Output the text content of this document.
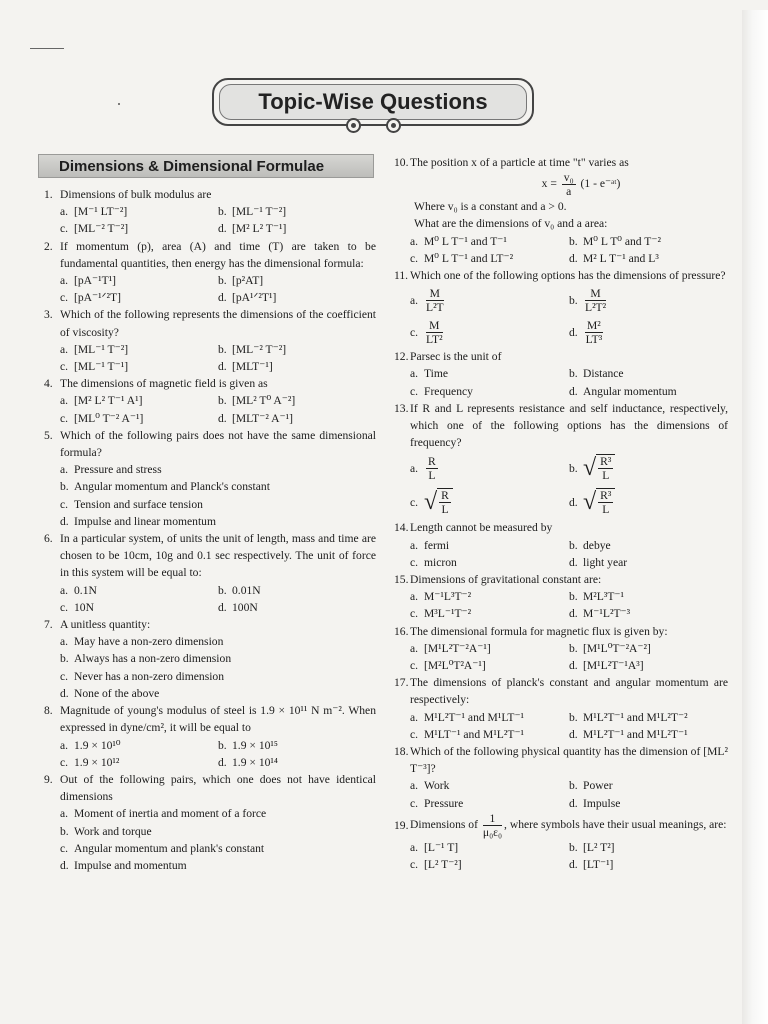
Topic-Wise Questions
Dimensions & Dimensional Formulae
1. Dimensions of bulk modulus are
a. [M⁻¹ LT⁻²]	b. [ML⁻¹ T⁻²]
c. [ML⁻² T⁻²]	d. [M² L² T⁻¹]
2. If momentum (p), area (A) and time (T) are taken to be fundamental quantities, then energy has the dimensional formula:
a. [pA⁻¹T¹]	b. [p²AT]
c. [pA⁻¹ᐟ²T]	d. [pA¹ᐟ²T¹]
3. Which of the following represents the dimensions of the coefficient of viscosity?
a. [ML⁻¹ T⁻²]	b. [ML⁻² T⁻²]
c. [ML⁻¹ T⁻¹]	d. [MLT⁻¹]
4. The dimensions of magnetic field is given as
a. [M² L² T⁻¹ A¹]	b. [ML² T⁰ A⁻²]
c. [ML⁰ T⁻² A⁻¹]	d. [MLT⁻² A⁻¹]
5. Which of the following pairs does not have the same dimensional formula?
a. Pressure and stress
b. Angular momentum and Planck's constant
c. Tension and surface tension
d. Impulse and linear momentum
6. In a particular system, of units the unit of length, mass and time are chosen to be 10cm, 10g and 0.1 sec respectively. The unit of force in this system will be equal to:
a. 0.1N	b. 0.01N
c. 10N	d. 100N
7. A unitless quantity:
a. May have a non-zero dimension
b. Always has a non-zero dimension
c. Never has a non-zero dimension
d. None of the above
8. Magnitude of young's modulus of steel is 1.9 × 10¹¹ N m⁻². When expressed in dyne/cm², it will be equal to
a. 1.9 × 10¹⁰	b. 1.9 × 10¹⁵
c. 1.9 × 10¹²	d. 1.9 × 10¹⁴
9. Out of the following pairs, which one does not have identical dimensions
a. Moment of inertia and moment of a force
b. Work and torque
c. Angular momentum and plank's constant
d. Impulse and momentum
10. The position x of a particle at time "t" varies as
$x = \frac{\text{v₀}}{a} (1$ - e⁻ᵃᵗ)
Where v₀ is a constant and a > 0.
What are the dimensions of v₀ and a area:
a. M⁰ L T⁻¹ and T⁻¹	b. M⁰ L T⁰ and T⁻²
c. M⁰ L T⁻¹ and LT⁻²	d. M² L T⁻¹ and L³
11. Which one of the following options has the dimensions of pressure?
a. $\frac{M}{\text{L²T}}$	b. $\frac{M}{\text{L²T²}}$
c. $\frac{M}{\text{LT²}}$	d. $\frac{\text{M²}}{\text{LT³}}$
12. Parsec is the unit of
a. Time	b. Distance
c. Frequency	d. Angular momentum
13. If R and L represents resistance and self inductance, respectively, which one of the following options has the dimensions of frequency?
a. $\frac{R}{L}$	b. √ $\frac{\text{R³}}{L}$
c. √ $\frac{R}{L}$	d. √ $\frac{\text{R³}}{L}$
14. Length cannot be measured by
a. fermi	b. debye
c. micron	d. light year
15. Dimensions of gravitational constant are:
a. M⁻¹L³T⁻²	b. M²L³T⁻¹
c. M³L⁻¹T⁻²	d. M⁻¹L²T⁻³
16. The dimensional formula for magnetic flux is given by:
a. [M¹L²T⁻²A⁻¹]	b. [M¹L⁰T⁻²A⁻²]
c. [M²L⁰T²A⁻¹]	d. [M¹L²T⁻¹A³]
17. The dimensions of planck's constant and angular momentum are respectively:
a. M¹L²T⁻¹ and M¹LT⁻¹	b. M¹L²T⁻¹ and M¹L²T⁻²
c. M¹LT⁻¹ and M¹L²T⁻¹	d. M¹L²T⁻¹ and M¹L²T⁻¹
18. Which of the following physical quantity has the dimension of [ML² T⁻³]?
a. Work	b. Power
c. Pressure	d. Impulse
19. Dimensions of $\frac{1}{\text{μ₀ε₀}}$ , where symbols have their usual meanings, are:
a. [L⁻¹ T]	b. [L² T²]
c. [L² T⁻²]	d. [LT⁻¹]
